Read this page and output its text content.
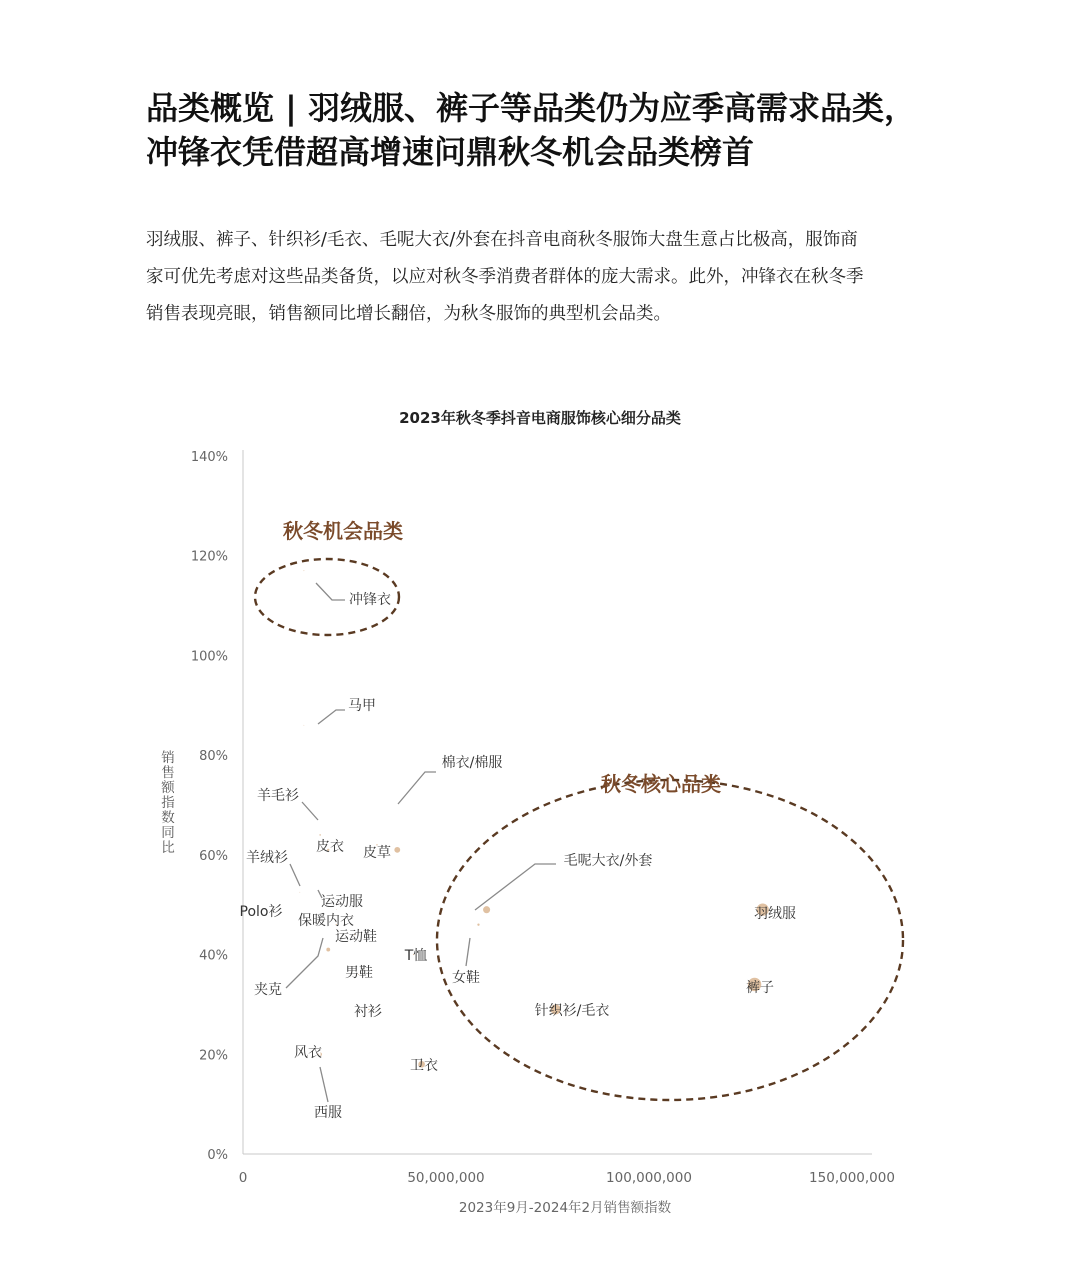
品类概览 | 羽绒服、裤子等品类仍为应季高需求品类，
冲锋衣凭借超高增速问鼎秋冬机会品类榜首
羽绒服、裤子、针织衫/毛衣、毛呢大衣/外套在抖音电商秋冬服饰大盘生意占比极高，服饰商
家可优先考虑对这些品类备货，以应对秋冬季消费者群体的庞大需求。此外，冲锋衣在秋冬季
销售表现亮眼，销售额同比增长翻倍，为秋冬服饰的典型机会品类。
2023年秋冬季抖音电商服饰核心细分品类
0%
20%
40%
60%
80%
100%
120%
140%
0	50,000,000	100,000,000	150,000,000
秋冬机会品类
秋冬核心品类
冲锋衣
马甲
羊毛衫
皮衣 皮草
棉衣/棉服
羊绒衫
运动服
Polo衫
保暖内衣
运动鞋
夹克
T恤
男鞋
衬衫
毛呢大衣/外套
女鞋
针织衫/毛衣
卫衣
风衣
西服
羽绒服
裤子
2023年9月-2024年2月销售额指数
销售额指数同比
